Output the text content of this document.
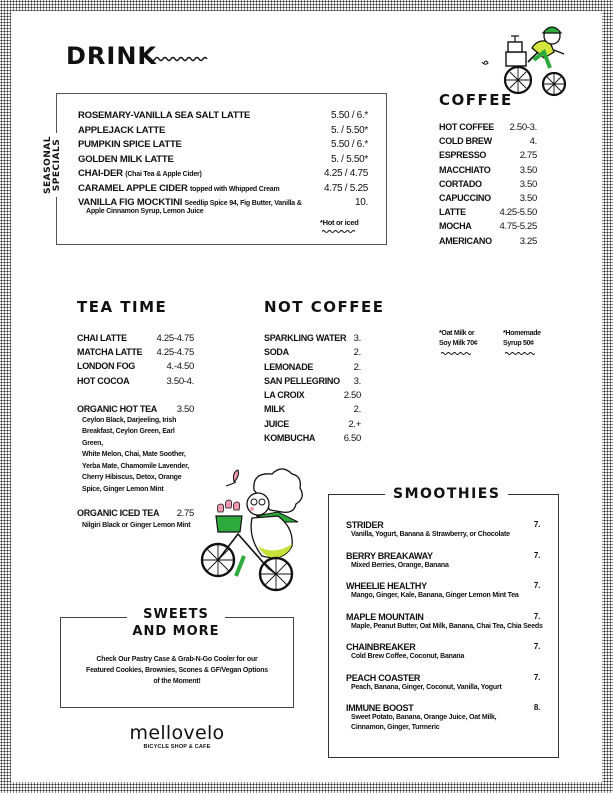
DRINK
SEASONAL
SPECIALS
ROSEMARY-VANILLA SEA SALT LATTE	5.50 / 6.*
APPLEJACK LATTE	5. / 5.50*
PUMPKIN SPICE LATTE	5.50 / 6.*
GOLDEN MILK LATTE	5. / 5.50*
CHAI-DER (Chai Tea & Apple Cider)	4.25 / 4.75
CARAMEL APPLE CIDER topped with Whipped Cream	4.75 / 5.25
VANILLA FIG MOCKTINI Seedlip Spice 94, Fig Butter, Vanilla &	10.
Apple Cinnamon Syrup, Lemon Juice
*Hot or iced
COFFEE
HOT COFFEE 2.50-3.
COLD BREW	4.
ESPRESSO	2.75
MACCHIATO	3.50
CORTADO	3.50
CAPUCCINO	3.50
LATTE	4.25-5.50
MOCHA	4.75-5.25
AMERICANO	3.25
*Oat Milk or
Soy Milk 70¢
*Homemade
Syrup 50¢
TEA TIME
CHAI LATTE	4.25-4.75
MATCHA LATTE 4.25-4.75
LONDON FOG	4.-4.50
HOT COCOA	3.50-4.
ORGANIC HOT TEA 3.50
Ceylon Black, Darjeeling, Irish
Breakfast, Ceylon Green, Earl Green,
White Melon, Chai, Mate Soother,
Yerba Mate, Chamomile Lavender,
Cherry Hibiscus, Detox, Orange
Spice, Ginger Lemon Mint
ORGANIC ICED TEA 2.75
Nilgiri Black or Ginger Lemon Mint
NOT COFFEE
SPARKLING WATER 3.
SODA	2.
LEMONADE	2.
SAN PELLEGRINO 3.
LA CROIX	2.50
MILK	2.
JUICE	2.+
KOMBUCHA	6.50
SMOOTHIES
STRIDER	7.
Vanilla, Yogurt, Banana & Strawberry, or Chocolate
BERRY BREAKAWAY	7.
Mixed Berries, Orange, Banana
WHEELIE HEALTHY	7.
Mango, Ginger, Kale, Banana, Ginger Lemon Mint Tea
MAPLE MOUNTAIN	7.
Maple, Peanut Butter, Oat Milk, Banana, Chai Tea, Chia Seeds
CHAINBREAKER	7.
Cold Brew Coffee, Coconut, Banana
PEACH COASTER	7.
Peach, Banana, Ginger, Coconut, Vanilla, Yogurt
IMMUNE BOOST	8.
Sweet Potato, Banana, Orange Juice, Oat Milk, Cinnamon, Ginger, Turmeric
SWEETS
AND MORE
Check Our Pastry Case & Grab-N-Go Cooler for our
Featured Cookies, Brownies, Scones & GF/Vegan Options
of the Moment!
mellovelo
BICYCLE SHOP & CAFE
